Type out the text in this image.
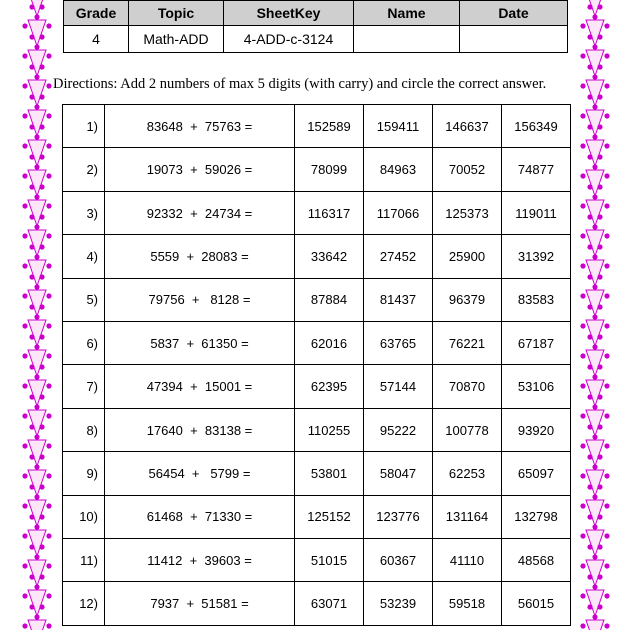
Grade	Topic	SheetKey	Name	Date
4	Math-ADD	4-ADD-c-3124		
Directions: Add 2 numbers of max 5 digits (with carry) and circle the correct answer.
1)	83648  +  75763 =	152589	159411	146637	156349
2)	19073  +  59026 =	78099	84963	70052	74877
3)	92332  +  24734 =	116317	117066	125373	119011
4)	5559  +  28083 =	33642	27452	25900	31392
5)	79756  +   8128 =	87884	81437	96379	83583
6)	5837  +  61350 =	62016	63765	76221	67187
7)	47394  +  15001 =	62395	57144	70870	53106
8)	17640  +  83138 =	110255	95222	100778	93920
9)	56454  +   5799 =	53801	58047	62253	65097
10)	61468  +  71330 =	125152	123776	131164	132798
11)	11412  +  39603 =	51015	60367	41110	48568
12)	7937  +  51581 =	63071	53239	59518	56015
